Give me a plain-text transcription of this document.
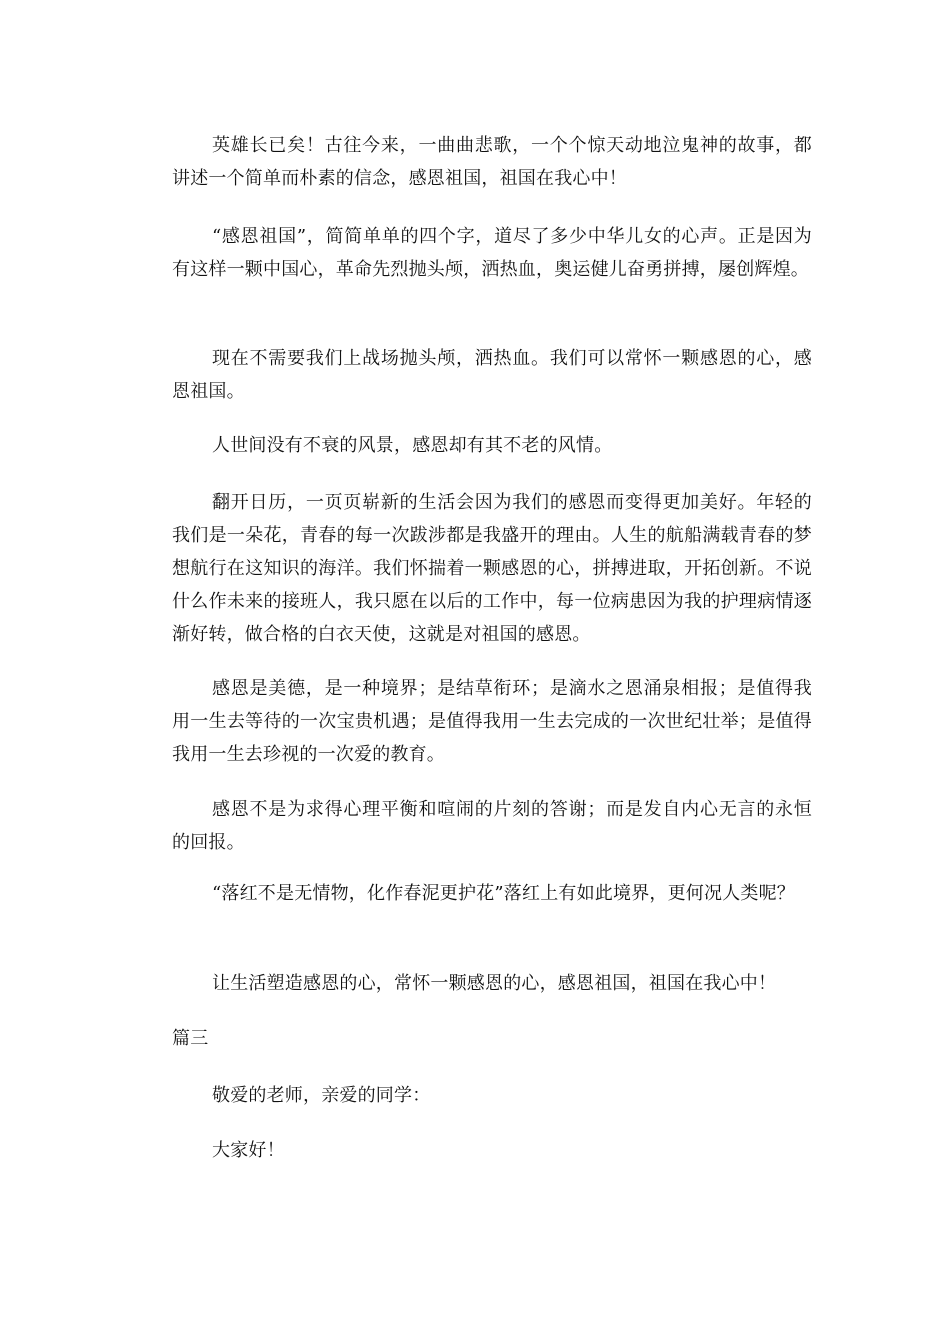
英雄长已矣！古往今来，一曲曲悲歌，一个个惊天动地泣鬼神的故事，都讲述一个简单而朴素的信念，感恩祖国，祖国在我心中！

“感恩祖国”，简简单单的四个字，道尽了多少中华儿女的心声。正是因为有这样一颗中国心，革命先烈抛头颅，洒热血，奥运健儿奋勇拼搏，屡创辉煌。

现在不需要我们上战场抛头颅，洒热血。我们可以常怀一颗感恩的心，感恩祖国。

人世间没有不衰的风景，感恩却有其不老的风情。

翻开日历，一页页崭新的生活会因为我们的感恩而变得更加美好。年轻的我们是一朵花，青春的每一次跋涉都是我盛开的理由。人生的航船满载青春的梦想航行在这知识的海洋。我们怀揣着一颗感恩的心，拼搏进取，开拓创新。不说什么作未来的接班人，我只愿在以后的工作中，每一位病患因为我的护理病情逐渐好转，做合格的白衣天使，这就是对祖国的感恩。

感恩是美德，是一种境界；是结草衔环；是滴水之恩涌泉相报；是值得我用一生去等待的一次宝贵机遇；是值得我用一生去完成的一次世纪壮举；是值得我用一生去珍视的一次爱的教育。

感恩不是为求得心理平衡和喧闹的片刻的答谢；而是发自内心无言的永恒的回报。

“落红不是无情物，化作春泥更护花”落红上有如此境界，更何况人类呢？

让生活塑造感恩的心，常怀一颗感恩的心，感恩祖国，祖国在我心中！

篇三

敬爱的老师，亲爱的同学：

大家好！
